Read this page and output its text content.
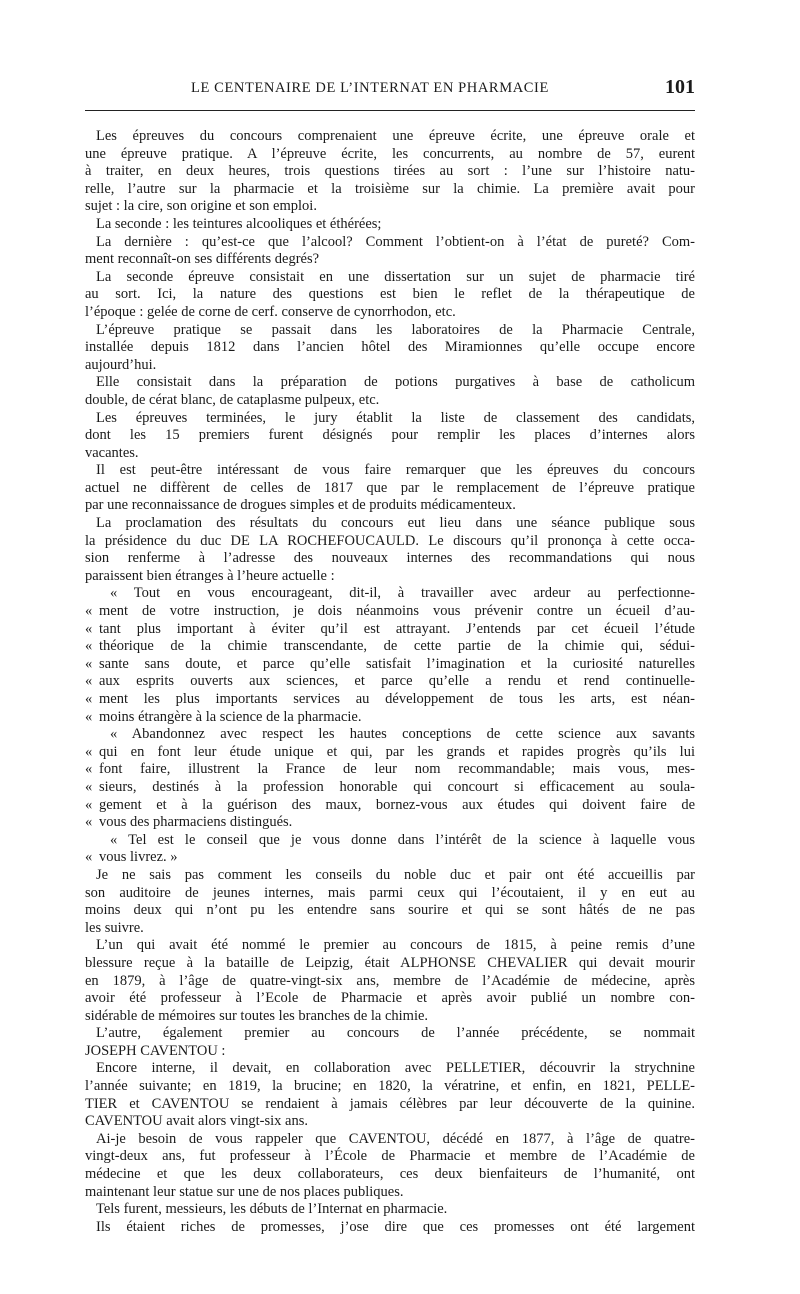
LE CENTENAIRE DE L’INTERNAT EN PHARMACIE	101
Les épreuves du concours comprenaient une épreuve écrite, une épreuve orale et
une épreuve pratique. A l’épreuve écrite, les concurrents, au nombre de 57, eurent
à traiter, en deux heures, trois questions tirées au sort : l’une sur l’histoire natu-
relle, l’autre sur la pharmacie et la troisième sur la chimie. La première avait pour
sujet : la cire, son origine et son emploi.
La seconde : les teintures alcooliques et éthérées;
La dernière : qu’est-ce que l’alcool? Comment l’obtient-on à l’état de pureté? Com-
ment reconnaît-on ses différents degrés?
La seconde épreuve consistait en une dissertation sur un sujet de pharmacie tiré
au sort. Ici, la nature des questions est bien le reflet de la thérapeutique de
l’époque : gelée de corne de cerf. conserve de cynorrhodon, etc.
L’épreuve pratique se passait dans les laboratoires de la Pharmacie Centrale,
installée depuis 1812 dans l’ancien hôtel des Miramionnes qu’elle occupe encore
aujourd’hui.
Elle consistait dans la préparation de potions purgatives à base de catholicum
double, de cérat blanc, de cataplasme pulpeux, etc.
Les épreuves terminées, le jury établit la liste de classement des candidats,
dont les 15 premiers furent désignés pour remplir les places d’internes alors
vacantes.
Il est peut-être intéressant de vous faire remarquer que les épreuves du concours
actuel ne diffèrent de celles de 1817 que par le remplacement de l’épreuve pratique
par une reconnaissance de drogues simples et de produits médicamenteux.
La proclamation des résultats du concours eut lieu dans une séance publique sous
la présidence du duc DE LA ROCHEFOUCAULD. Le discours qu’il prononça à cette occa-
sion renferme à l’adresse des nouveaux internes des recommandations qui nous
paraissent bien étranges à l’heure actuelle :
« Tout en vous encourageant, dit-il, à travailler avec ardeur au perfectionne-
« ment de votre instruction, je dois néanmoins vous prévenir contre un écueil d’au-
« tant plus important à éviter qu’il est attrayant. J’entends par cet écueil l’étude
« théorique de la chimie transcendante, de cette partie de la chimie qui, sédui-
« sante sans doute, et parce qu’elle satisfait l’imagination et la curiosité naturelles
« aux esprits ouverts aux sciences, et parce qu’elle a rendu et rend continuelle-
« ment les plus importants services au développement de tous les arts, est néan-
« moins étrangère à la science de la pharmacie.
« Abandonnez avec respect les hautes conceptions de cette science aux savants
« qui en font leur étude unique et qui, par les grands et rapides progrès qu’ils lui
« font faire, illustrent la France de leur nom recommandable; mais vous, mes-
« sieurs, destinés à la profession honorable qui concourt si efficacement au soula-
« gement et à la guérison des maux, bornez-vous aux études qui doivent faire de
« vous des pharmaciens distingués.
« Tel est le conseil que je vous donne dans l’intérêt de la science à laquelle vous
« vous livrez. »
Je ne sais pas comment les conseils du noble duc et pair ont été accueillis par
son auditoire de jeunes internes, mais parmi ceux qui l’écoutaient, il y en eut au
moins deux qui n’ont pu les entendre sans sourire et qui se sont hâtés de ne pas
les suivre.
L’un qui avait été nommé le premier au concours de 1815, à peine remis d’une
blessure reçue à la bataille de Leipzig, était ALPHONSE CHEVALIER qui devait mourir
en 1879, à l’âge de quatre-vingt-six ans, membre de l’Académie de médecine, après
avoir été professeur à l’Ecole de Pharmacie et après avoir publié un nombre con-
sidérable de mémoires sur toutes les branches de la chimie.
L’autre, également premier au concours de l’année précédente, se nommait
JOSEPH CAVENTOU :
Encore interne, il devait, en collaboration avec PELLETIER, découvrir la strychnine
l’année suivante; en 1819, la brucine; en 1820, la vératrine, et enfin, en 1821, PELLE-
TIER et CAVENTOU se rendaient à jamais célèbres par leur découverte de la quinine.
CAVENTOU avait alors vingt-six ans.
Ai-je besoin de vous rappeler que CAVENTOU, décédé en 1877, à l’âge de quatre-
vingt-deux ans, fut professeur à l’École de Pharmacie et membre de l’Académie de
médecine et que les deux collaborateurs, ces deux bienfaiteurs de l’humanité, ont
maintenant leur statue sur une de nos places publiques.
Tels furent, messieurs, les débuts de l’Internat en pharmacie.
Ils étaient riches de promesses, j’ose dire que ces promesses ont été largement
